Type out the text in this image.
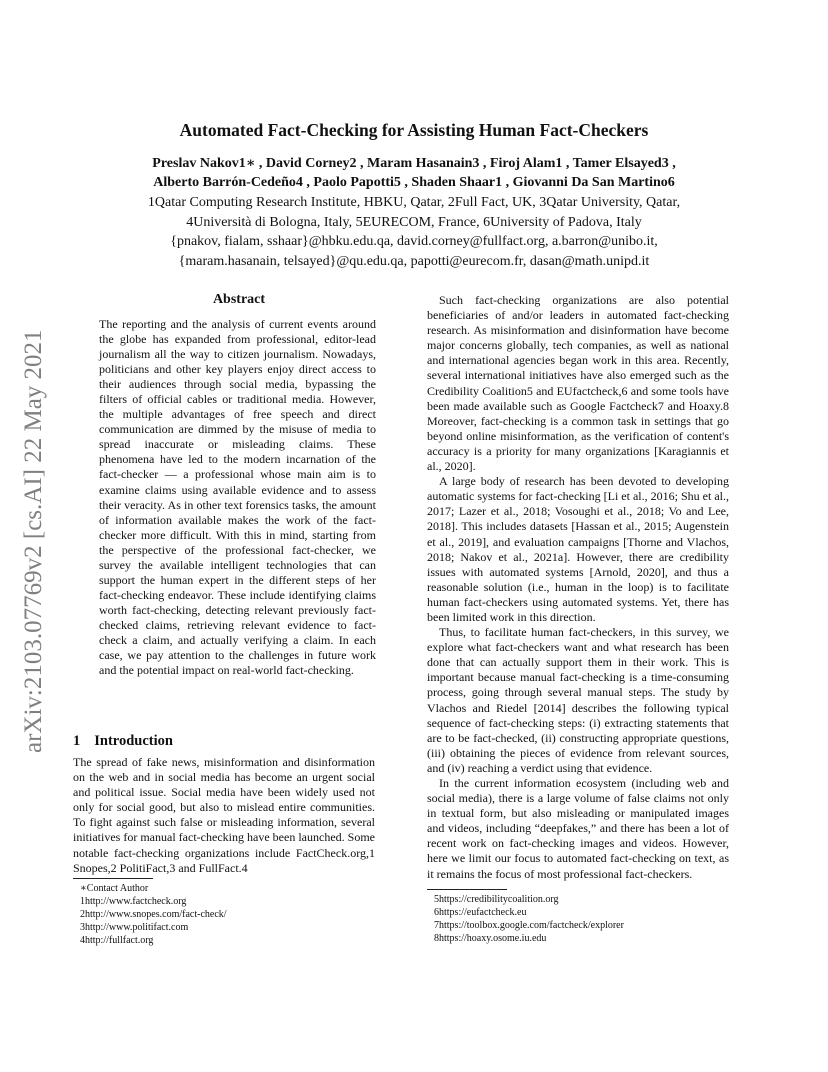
arXiv:2103.07769v2 [cs.AI] 22 May 2021
Automated Fact-Checking for Assisting Human Fact-Checkers
Preslav Nakov1∗ , David Corney2 , Maram Hasanain3 , Firoj Alam1 , Tamer Elsayed3 ,
Alberto Barrón-Cedeño4 , Paolo Papotti5 , Shaden Shaar1 , Giovanni Da San Martino6
1Qatar Computing Research Institute, HBKU, Qatar, 2Full Fact, UK, 3Qatar University, Qatar,
4Università di Bologna, Italy, 5EURECOM, France, 6University of Padova, Italy
{pnakov, fialam, sshaar}@hbku.edu.qa, david.corney@fullfact.org, a.barron@unibo.it,
{maram.hasanain, telsayed}@qu.edu.qa, papotti@eurecom.fr, dasan@math.unipd.it
Abstract
The reporting and the analysis of current events around the globe has expanded from professional, editor-lead journalism all the way to citizen journalism. Nowadays, politicians and other key players enjoy direct access to their audiences through social media, bypassing the filters of official cables or traditional media. However, the multiple advantages of free speech and direct communication are dimmed by the misuse of media to spread inaccurate or misleading claims. These phenomena have led to the modern incarnation of the fact-checker — a professional whose main aim is to examine claims using available evidence and to assess their veracity. As in other text forensics tasks, the amount of information available makes the work of the fact-checker more difficult. With this in mind, starting from the perspective of the professional fact-checker, we survey the available intelligent technologies that can support the human expert in the different steps of her fact-checking endeavor. These include identifying claims worth fact-checking, detecting relevant previously fact-checked claims, retrieving relevant evidence to fact-check a claim, and actually verifying a claim. In each case, we pay attention to the challenges in future work and the potential impact on real-world fact-checking.
1 Introduction

The spread of fake news, misinformation and disinformation on the web and in social media has become an urgent social and political issue. Social media have been widely used not only for social good, but also to mislead entire communities. To fight against such false or misleading information, several initiatives for manual fact-checking have been launched. Some notable fact-checking organizations include FactCheck.org,1 Snopes,2 PolitiFact,3 and FullFact.4

∗Contact Author
1http://www.factcheck.org
2http://www.snopes.com/fact-check/
3http://www.politifact.com
4http://fullfact.org

Such fact-checking organizations are also potential beneficiaries of and/or leaders in automated fact-checking research. As misinformation and disinformation have become major concerns globally, tech companies, as well as national and international agencies began work in this area. Recently, several international initiatives have also emerged such as the Credibility Coalition5 and EUfactcheck,6 and some tools have been made available such as Google Factcheck7 and Hoaxy.8 Moreover, fact-checking is a common task in settings that go beyond online misinformation, as the verification of content's accuracy is a priority for many organizations [Karagiannis et al., 2020].

A large body of research has been devoted to developing automatic systems for fact-checking [Li et al., 2016; Shu et al., 2017; Lazer et al., 2018; Vosoughi et al., 2018; Vo and Lee, 2018]. This includes datasets [Hassan et al., 2015; Augenstein et al., 2019], and evaluation campaigns [Thorne and Vlachos, 2018; Nakov et al., 2021a]. However, there are credibility issues with automated systems [Arnold, 2020], and thus a reasonable solution (i.e., human in the loop) is to facilitate human fact-checkers using automated systems. Yet, there has been limited work in this direction.

Thus, to facilitate human fact-checkers, in this survey, we explore what fact-checkers want and what research has been done that can actually support them in their work. This is important because manual fact-checking is a time-consuming process, going through several manual steps. The study by Vlachos and Riedel [2014] describes the following typical sequence of fact-checking steps: (i) extracting statements that are to be fact-checked, (ii) constructing appropriate questions, (iii) obtaining the pieces of evidence from relevant sources, and (iv) reaching a verdict using that evidence.

In the current information ecosystem (including web and social media), there is a large volume of false claims not only in textual form, but also misleading or manipulated images and videos, including “deepfakes,” and there has been a lot of recent work on fact-checking images and videos. However, here we limit our focus to automated fact-checking on text, as it remains the focus of most professional fact-checkers.

5https://credibilitycoalition.org
6https://eufactcheck.eu
7https://toolbox.google.com/factcheck/explorer
8https://hoaxy.osome.iu.edu
